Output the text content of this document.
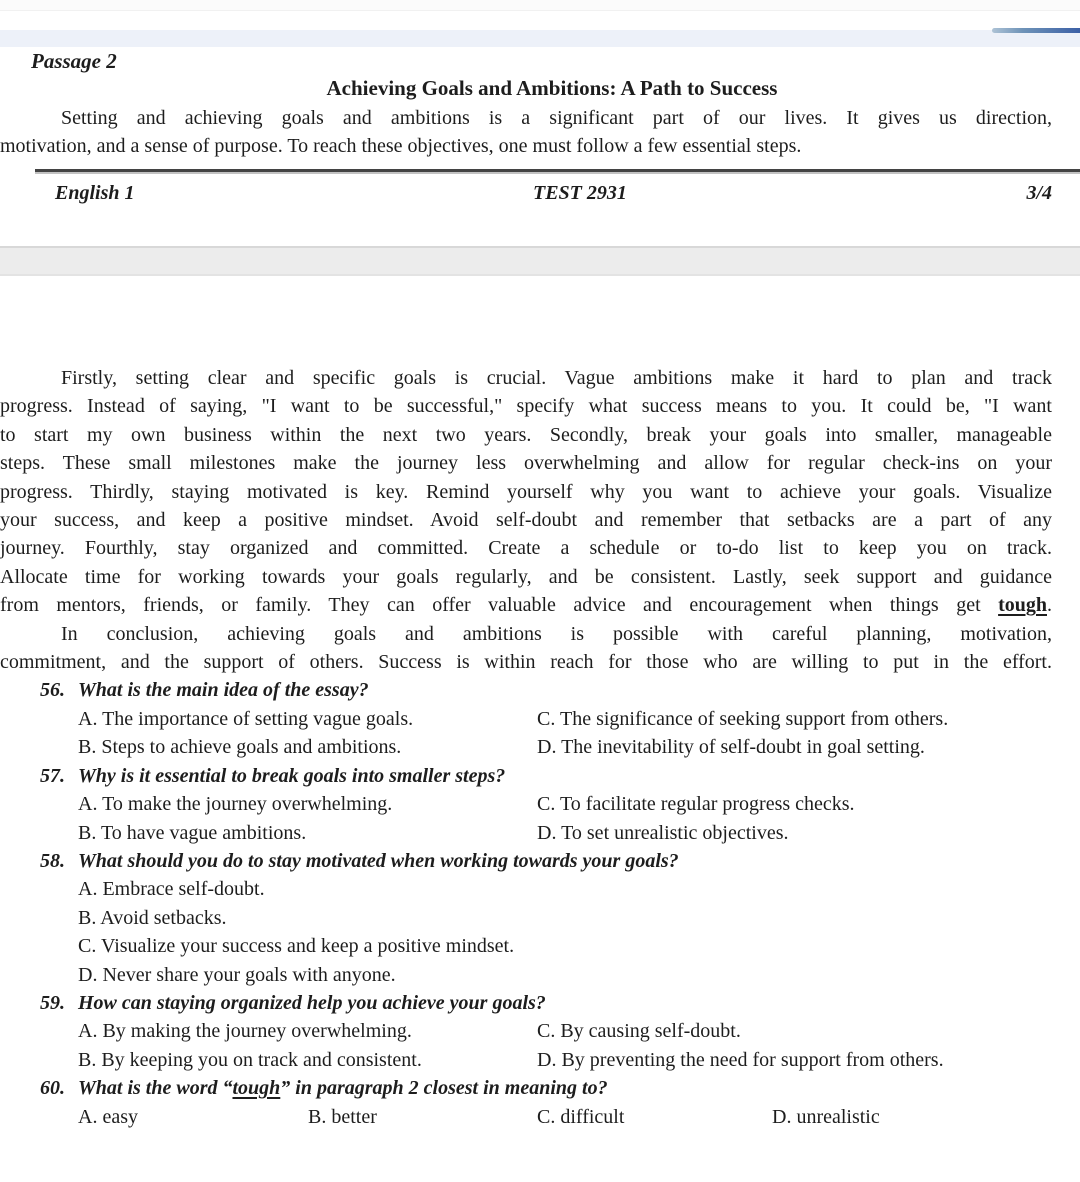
Passage 2
Achieving Goals and Ambitions: A Path to Success
Setting and achieving goals and ambitions is a significant part of our lives. It gives us direction,
motivation, and a sense of purpose. To reach these objectives, one must follow a few essential steps.
English 1	TEST 2931	3/4
Firstly, setting clear and specific goals is crucial. Vague ambitions make it hard to plan and track
progress. Instead of saying, "I want to be successful," specify what success means to you. It could be, "I want
to start my own business within the next two years. Secondly, break your goals into smaller, manageable
steps. These small milestones make the journey less overwhelming and allow for regular check-ins on your
progress. Thirdly, staying motivated is key. Remind yourself why you want to achieve your goals. Visualize
your success, and keep a positive mindset. Avoid self-doubt and remember that setbacks are a part of any
journey. Fourthly, stay organized and committed. Create a schedule or to-do list to keep you on track.
Allocate time for working towards your goals regularly, and be consistent. Lastly, seek support and guidance
from mentors, friends, or family. They can offer valuable advice and encouragement when things get tough.
In conclusion, achieving goals and ambitions is possible with careful planning, motivation,
commitment, and the support of others. Success is within reach for those who are willing to put in the effort.
56. What is the main idea of the essay?
A. The importance of setting vague goals.	C. The significance of seeking support from others.
B. Steps to achieve goals and ambitions.	D. The inevitability of self-doubt in goal setting.
57. Why is it essential to break goals into smaller steps?
A. To make the journey overwhelming.	C. To facilitate regular progress checks.
B. To have vague ambitions.	D. To set unrealistic objectives.
58. What should you do to stay motivated when working towards your goals?
A. Embrace self-doubt.
B. Avoid setbacks.
C. Visualize your success and keep a positive mindset.
D. Never share your goals with anyone.
59. How can staying organized help you achieve your goals?
A. By making the journey overwhelming.	C. By causing self-doubt.
B. By keeping you on track and consistent.	D. By preventing the need for support from others.
60. What is the word “tough” in paragraph 2 closest in meaning to?
A. easy	B. better	C. difficult	D. unrealistic
